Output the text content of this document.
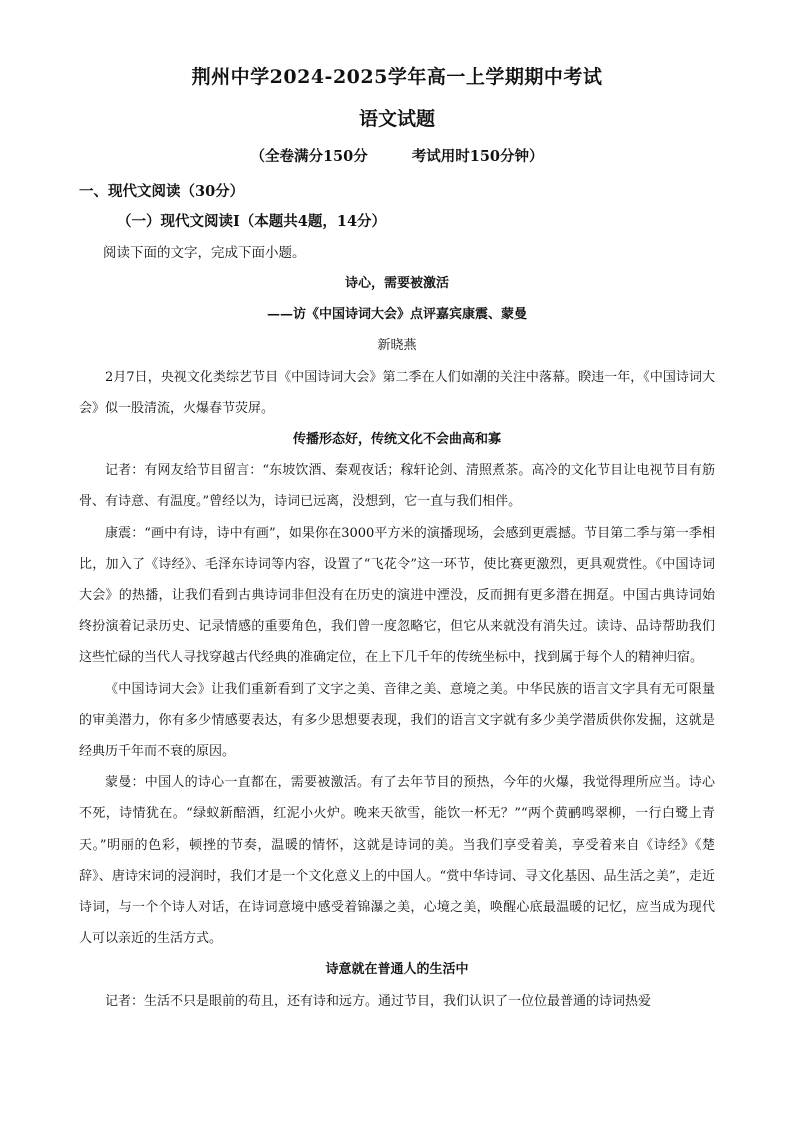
荆州中学2024-2025学年高一上学期期中考试
语文试题
（全卷满分150分	考试用时150分钟）
一、现代文阅读（30分）
（一）现代文阅读Ⅰ（本题共4题，14分）
阅读下面的文字，完成下面小题。
诗心，需要被激活
——访《中国诗词大会》点评嘉宾康震、蒙曼
新晓燕

2月7日，央视文化类综艺节目《中国诗词大会》第二季在人们如潮的关注中落幕。睽违一年，《中国诗词大会》似一股清流，火爆春节荧屏。

传播形态好，传统文化不会曲高和寡

记者：有网友给节目留言：“东坡饮酒、秦观夜话；稼轩论剑、清照煮茶。高冷的文化节目让电视节目有筋骨、有诗意、有温度。”曾经以为，诗词已远离，没想到，它一直与我们相伴。

康震：“画中有诗，诗中有画”，如果你在3000平方米的演播现场，会感到更震撼。节目第二季与第一季相比，加入了《诗经》、毛泽东诗词等内容，设置了“飞花令”这一环节，使比赛更激烈，更具观赏性。《中国诗词大会》的热播，让我们看到古典诗词非但没有在历史的演进中湮没，反而拥有更多潜在拥趸。中国古典诗词始终扮演着记录历史、记录情感的重要角色，我们曾一度忽略它，但它从来就没有消失过。读诗、品诗帮助我们这些忙碌的当代人寻找穿越古代经典的准确定位，在上下几千年的传统坐标中，找到属于每个人的精神归宿。

《中国诗词大会》让我们重新看到了文字之美、音律之美、意境之美。中华民族的语言文字具有无可限量的审美潜力，你有多少情感要表达，有多少思想要表现，我们的语言文字就有多少美学潜质供你发掘，这就是经典历千年而不衰的原因。

蒙曼：中国人的诗心一直都在，需要被激活。有了去年节目的预热，今年的火爆，我觉得理所应当。诗心不死，诗情犹在。“绿蚁新醅酒，红泥小火炉。晚来天欲雪，能饮一杯无？”“两个黄鹂鸣翠柳，一行白鹭上青天。”明丽的色彩，顿挫的节奏，温暖的情怀，这就是诗词的美。当我们享受着美，享受着来自《诗经》《楚辞》、唐诗宋词的浸润时，我们才是一个文化意义上的中国人。“赏中华诗词、寻文化基因、品生活之美”，走近诗词，与一个个诗人对话，在诗词意境中感受着锦瀑之美，心境之美，唤醒心底最温暖的记忆，应当成为现代人可以亲近的生活方式。

诗意就在普通人的生活中

记者：生活不只是眼前的苟且，还有诗和远方。通过节目，我们认识了一位位最普通的诗词热爱
